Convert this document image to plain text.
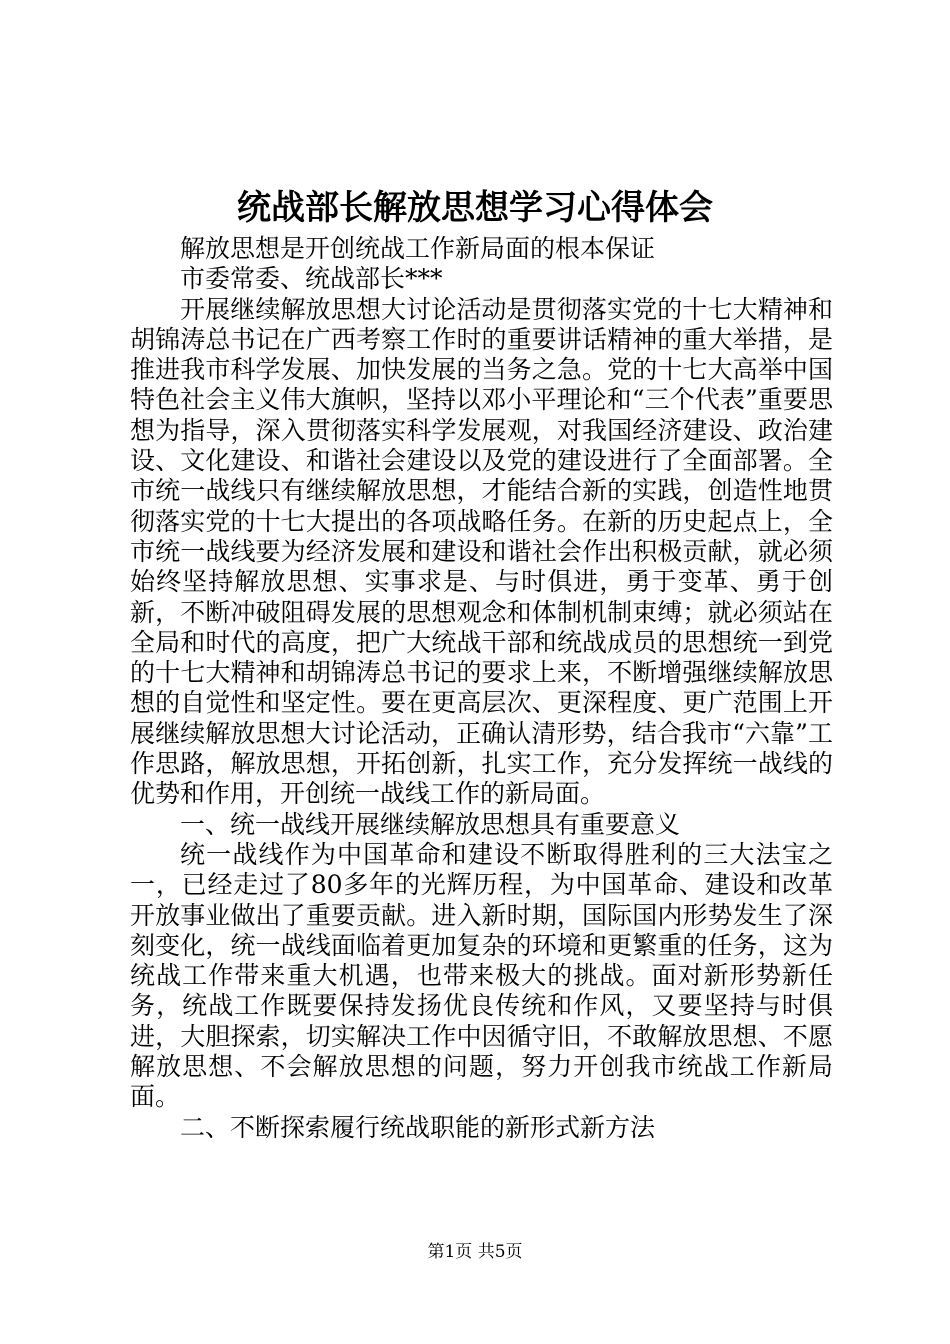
统战部长解放思想学习心得体会

解放思想是开创统战工作新局面的根本保证

市委常委、统战部长***

开展继续解放思想大讨论活动是贯彻落实党的十七大精神和胡锦涛总书记在广西考察工作时的重要讲话精神的重大举措，是推进我市科学发展、加快发展的当务之急。党的十七大高举中国特色社会主义伟大旗帜，坚持以邓小平理论和“三个代表”重要思想为指导，深入贯彻落实科学发展观，对我国经济建设、政治建设、文化建设、和谐社会建设以及党的建设进行了全面部署。全市统一战线只有继续解放思想，才能结合新的实践，创造性地贯彻落实党的十七大提出的各项战略任务。在新的历史起点上，全市统一战线要为经济发展和建设和谐社会作出积极贡献，就必须始终坚持解放思想、实事求是、与时俱进，勇于变革、勇于创新，不断冲破阻碍发展的思想观念和体制机制束缚；就必须站在全局和时代的高度，把广大统战干部和统战成员的思想统一到党的十七大精神和胡锦涛总书记的要求上来，不断增强继续解放思想的自觉性和坚定性。要在更高层次、更深程度、更广范围上开展继续解放思想大讨论活动，正确认清形势，结合我市“六靠”工作思路，解放思想，开拓创新，扎实工作，充分发挥统一战线的优势和作用，开创统一战线工作的新局面。

一、统一战线开展继续解放思想具有重要意义

统一战线作为中国革命和建设不断取得胜利的三大法宝之一，已经走过了80多年的光辉历程，为中国革命、建设和改革开放事业做出了重要贡献。进入新时期，国际国内形势发生了深刻变化，统一战线面临着更加复杂的环境和更繁重的任务，这为统战工作带来重大机遇，也带来极大的挑战。面对新形势新任务，统战工作既要保持发扬优良传统和作风，又要坚持与时俱进，大胆探索，切实解决工作中因循守旧，不敢解放思想、不愿解放思想、不会解放思想的问题，努力开创我市统战工作新局面。

二、不断探索履行统战职能的新形式新方法

第1页 共5页
